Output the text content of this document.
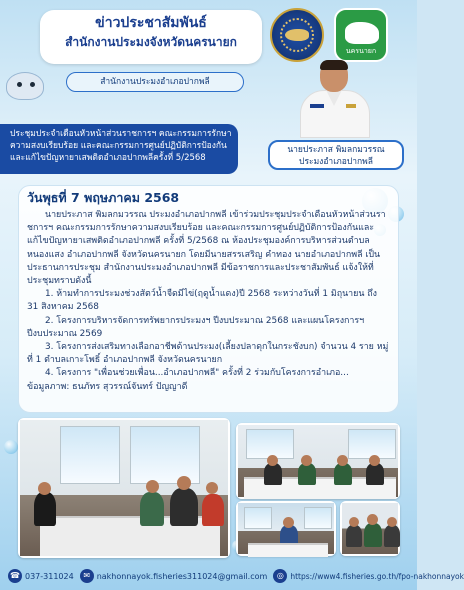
ข่าวประชาสัมพันธ์
สำนักงานประมงจังหวัดนครนายก
สำนักงานประมงอำเภอปากพลี
นครนายก
ประชุมประจำเดือนหัวหน้าส่วนราชการฯ คณะกรรมการรักษาความสงบเรียบร้อย และคณะกรรมการศูนย์ปฏิบัติการป้องกันและแก้ไขปัญหายาเสพติดอำเภอปากพลีครั้งที่ 5/2568
นายประภาส พิมลกมวรรณ
ประมงอำเภอปากพลี
วันพุธที่ 7 พฤษภาคม 2568
นายประภาส พิมลกมวรรณ ประมงอำเภอปากพลี เข้าร่วมประชุมประจำเดือนหัวหน้าส่วนราชการฯ คณะกรรมการรักษาความสงบเรียบร้อย และคณะกรรมการศูนย์ปฏิบัติการป้องกันและแก้ไขปัญหายาเสพติดอำเภอปากพลี ครั้งที่ 5/2568 ณ ห้องประชุมองค์การบริหารส่วนตำบลหนองแสง อำเภอปากพลี จังหวัดนครนายก โดยมีนายสรรเสริญ คำทอง นายอำเภอปากพลี เป็นประธานการประชุม สำนักงานประมงอำเภอปากพลี มีข้อราชการและประชาสัมพันธ์ แจ้งให้ที่ประชุมทราบดังนี้
1. ห้ามทำการประมงช่วงสัตว์น้ำจืดมีไข่(ฤดูน้ำแดง)ปี 2568 ระหว่างวันที่ 1 มิถุนายน ถึง 31 สิงหาคม 2568
2. โครงการบริหารจัดการทรัพยากรประมงฯ ปีงบประมาณ 2568 และแผนโครงการฯ ปีงบประมาณ 2569
3. โครงการส่งเสริมทางเลือกอาชีพด้านประมง(เลี้ยงปลาดุกในกระชังบก) จำนวน 4 ราย หมู่ที่ 1 ตำบลเกาะโพธิ์ อำเภอปากพลี จังหวัดนครนายก
4. โครงการ "เพื่อนช่วยเพื่อน...อำเภอปากพลี" ครั้งที่ 2 ร่วมกับโครงการอำเภอ...
ข้อมูลภาพ: ธนภัทร สุวรรณ์จันทร์ ปัญญาดี
☎ 037-311024	✉ nakhonnayok.fisheries311024@gmail.com	◎ https://www4.fisheries.go.th/fpo-nakhonnayok
